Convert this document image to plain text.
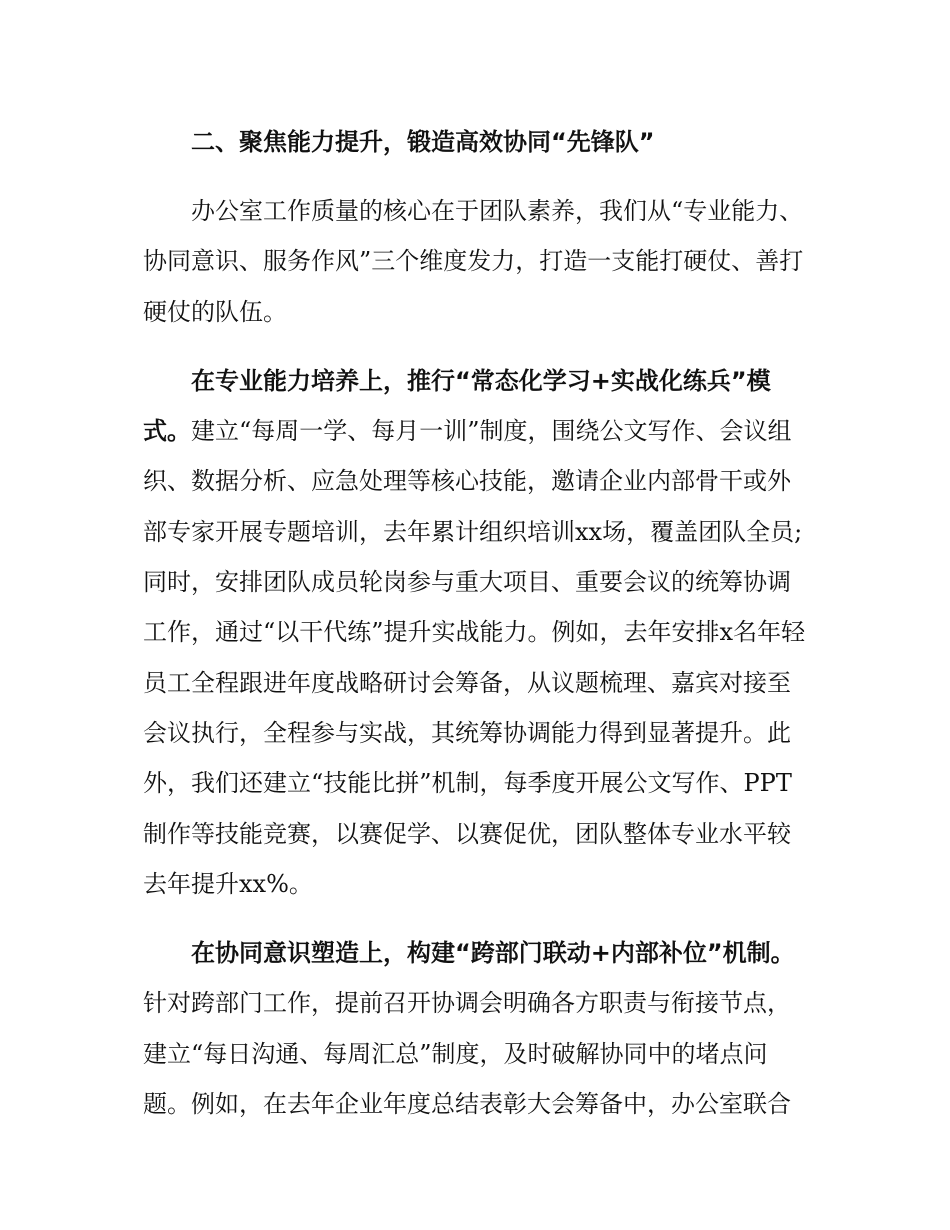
二、聚焦能力提升，锻造高效协同“先锋队”

办公室工作质量的核心在于团队素养，我们从“专业能力、协同意识、服务作风”三个维度发力，打造一支能打硬仗、善打硬仗的队伍。

在专业能力培养上，推行“常态化学习+实战化练兵”模式。建立“每周一学、每月一训”制度，围绕公文写作、会议组织、数据分析、应急处理等核心技能，邀请企业内部骨干或外部专家开展专题培训，去年累计组织培训xx场，覆盖团队全员;同时，安排团队成员轮岗参与重大项目、重要会议的统筹协调工作，通过“以干代练”提升实战能力。例如，去年安排x名年轻员工全程跟进年度战略研讨会筹备，从议题梳理、嘉宾对接至会议执行，全程参与实战，其统筹协调能力得到显著提升。此外，我们还建立“技能比拼”机制，每季度开展公文写作、PPT制作等技能竞赛，以赛促学、以赛促优，团队整体专业水平较去年提升xx%。

在协同意识塑造上，构建“跨部门联动+内部补位”机制。针对跨部门工作，提前召开协调会明确各方职责与衔接节点，建立“每日沟通、每周汇总”制度，及时破解协同中的堵点问题。例如，在去年企业年度总结表彰大会筹备中，办公室联合
